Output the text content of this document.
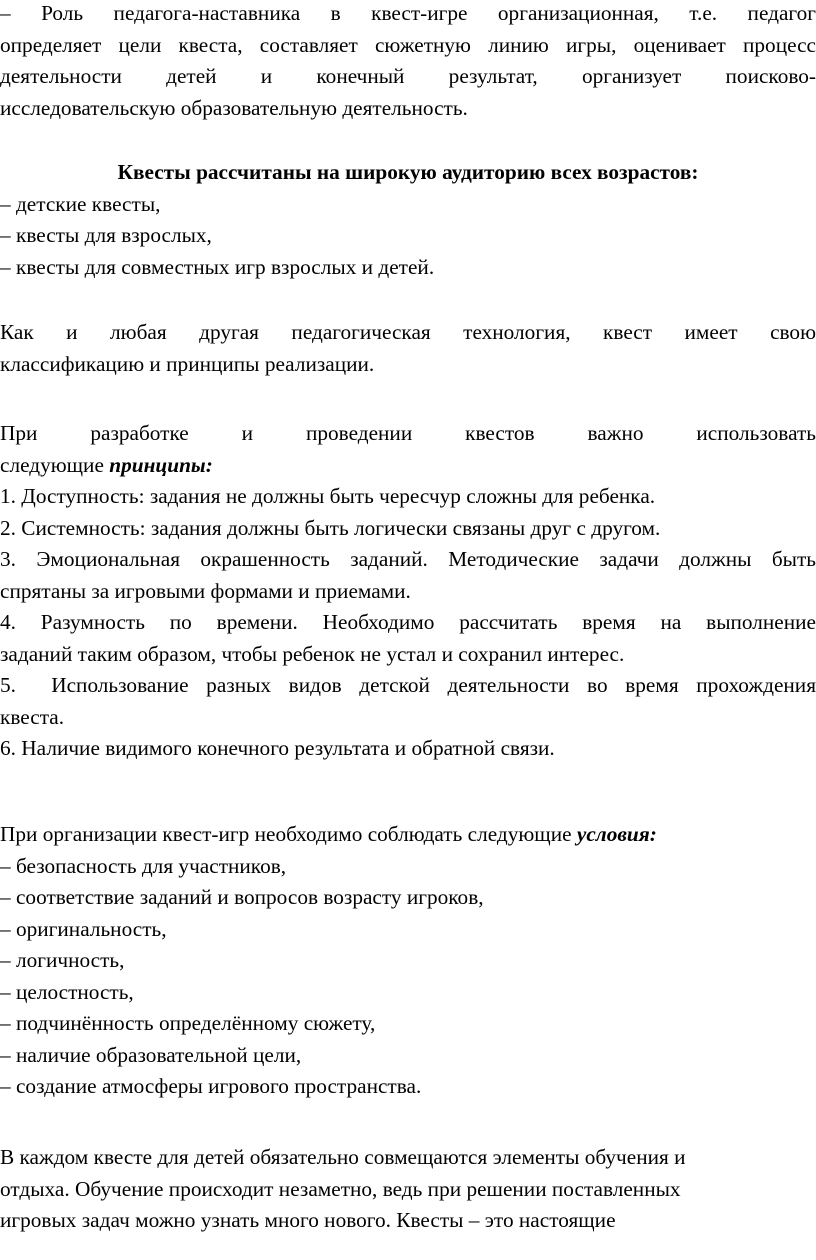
– Роль педагога-наставника в квест-игре организационная, т.е. педагог
определяет цели квеста, составляет сюжетную линию игры, оценивает процесс
деятельности детей и конечный результат, организует поисково-
исследовательскую образовательную деятельность.
Квесты рассчитаны на широкую аудиторию всех возрастов:
– детские квесты,
– квесты для взрослых,
– квесты для совместных игр взрослых и детей.
Как и любая другая педагогическая технология, квест имеет свою
классификацию и принципы реализации.
При разработке и проведении квестов важно использовать
следующие принципы:
1. Доступность: задания не должны быть чересчур сложны для ребенка.
2. Системность: задания должны быть логически связаны друг с другом.
3. Эмоциональная окрашенность заданий. Методические задачи должны быть
спрятаны за игровыми формами и приемами.
4. Разумность по времени. Необходимо рассчитать время на выполнение
заданий таким образом, чтобы ребенок не устал и сохранил интерес.
5.  Использование разных видов детской деятельности во время прохождения
квеста.
6. Наличие видимого конечного результата и обратной связи.
При организации квест-игр необходимо соблюдать следующие условия:
– безопасность для участников,
– соответствие заданий и вопросов возрасту игроков,
– оригинальность,
– логичность,
– целостность,
– подчинённость определённому сюжету,
– наличие образовательной цели,
– создание атмосферы игрового пространства.
В каждом квесте для детей обязательно совмещаются элементы обучения и
отдыха. Обучение происходит незаметно, ведь при решении поставленных
игровых задач можно узнать много нового. Квесты – это настоящие
